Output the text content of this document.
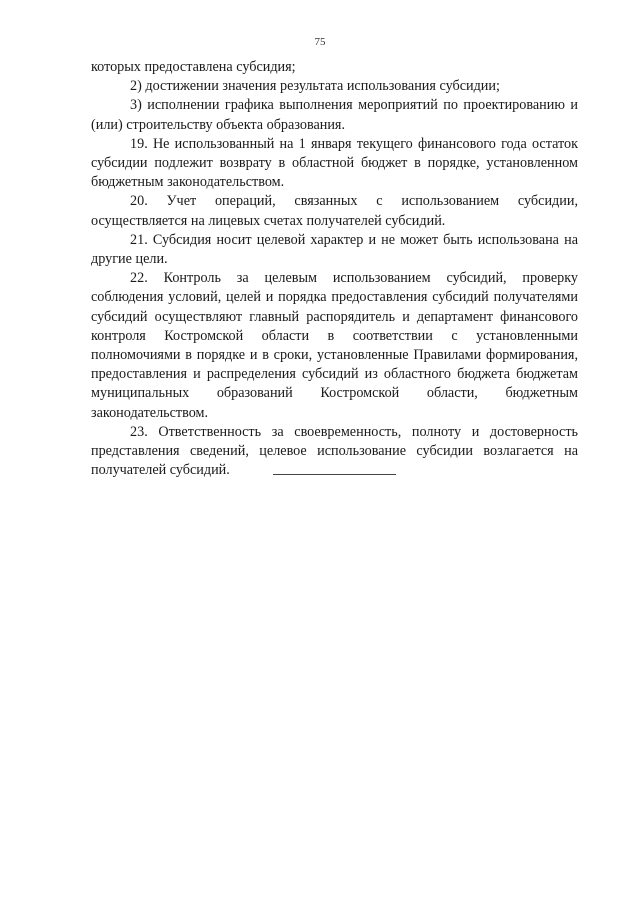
75

которых предоставлена субсидия;

2) достижении значения результата использования субсидии;

3) исполнении графика выполнения мероприятий по проектированию и (или) строительству объекта образования.

19. Не использованный на 1 января текущего финансового года остаток субсидии подлежит возврату в областной бюджет в порядке, установленном бюджетным законодательством.

20. Учет операций, связанных с использованием субсидии, осуществляется на лицевых счетах получателей субсидий.

21. Субсидия носит целевой характер и не может быть использована на другие цели.

22. Контроль за целевым использованием субсидий, проверку соблюдения условий, целей и порядка предоставления субсидий получателями субсидий осуществляют главный распорядитель и департамент финансового контроля Костромской области в соответствии с установленными полномочиями в порядке и в сроки, установленные Правилами формирования, предоставления и распределения субсидий из областного бюджета бюджетам муниципальных образований Костромской области, бюджетным законодательством.

23. Ответственность за своевременность, полноту и достоверность представления сведений, целевое использование субсидии возлагается на получателей субсидий.
